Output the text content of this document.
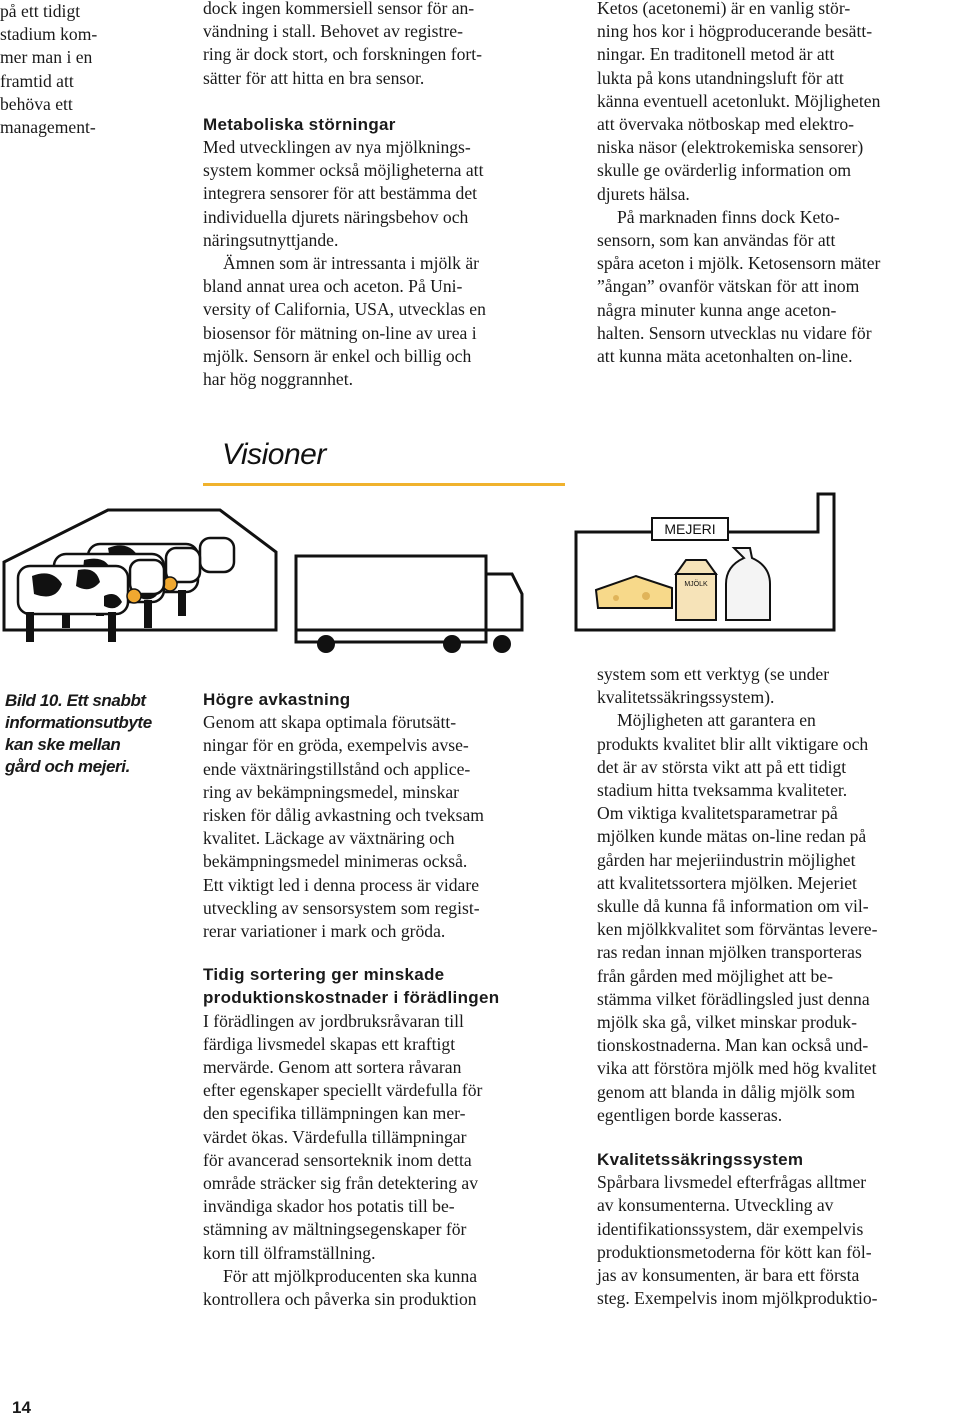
dock ingen kommersiell sensor för an-
vändning i stall. Behovet av registre-
ring är dock stort, och forskningen fort-
sätter för att hitta en bra sensor.

Metaboliska störningar

Med utvecklingen av nya mjölknings-
system kommer också möjligheterna att
integrera sensorer för att bestämma det
individuella djurets näringsbehov och
näringsutnyttjande.

Ämnen som är intressanta i mjölk är
bland annat urea och aceton. På Uni-
versity of California, USA, utvecklas en
biosensor för mätning on-line av urea i
mjölk. Sensorn är enkel och billig och
har hög noggrannhet.

Ketos (acetonemi) är en vanlig stör-
ning hos kor i högproducerande besätt-
ningar. En traditonell metod är att
lukta på kons utandningsluft för att
känna eventuell acetonlukt. Möjligheten
att övervaka nötboskap med elektro-
niska näsor (elektrokemiska sensorer)
skulle ge ovärderlig information om
djurets hälsa.

På marknaden finns dock Keto-
sensorn, som kan användas för att
spåra aceton i mjölk. Ketosensorn mäter
”ångan” ovanför vätskan för att inom
några minuter kunna ange aceton-
halten. Sensorn utvecklas nu vidare för
att kunna mäta acetonhalten on-line.

Visioner
MEJERI
MJÖLK
Bild 10. Ett snabbt
informationsutbyte
kan ske mellan
gård och mejeri.

Högre avkastning

Genom att skapa optimala förutsätt-
ningar för en gröda, exempelvis avse-
ende växtnäringstillstånd och applice-
ring av bekämpningsmedel, minskar
risken för dålig avkastning och tveksam
kvalitet. Läckage av växtnäring och
bekämpningsmedel minimeras också.
Ett viktigt led i denna process är vidare
utveckling av sensorsystem som regist-
rerar variationer i mark och gröda.

Tidig sortering ger minskade
produktionskostnader i förädlingen

I förädlingen av jordbruksråvaran till
färdiga livsmedel skapas ett kraftigt
mervärde. Genom att sortera råvaran
efter egenskaper speciellt värdefulla för
den specifika tillämpningen kan mer-
värdet ökas. Värdefulla tillämpningar
för avancerad sensorteknik inom detta
område sträcker sig från detektering av
invändiga skador hos potatis till be-
stämning av mältningsegenskaper för
korn till ölframställning.

För att mjölkproducenten ska kunna
kontrollera och påverka sin produktion

på ett tidigt
stadium kom-
mer man i en
framtid att
behöva ett
management-

system som ett verktyg (se under
kvalitetssäkringssystem).

Möjligheten att garantera en
produkts kvalitet blir allt viktigare och
det är av största vikt att på ett tidigt
stadium hitta tveksamma kvaliteter.
Om viktiga kvalitetsparametrar på
mjölken kunde mätas on-line redan på
gården har mejeriindustrin möjlighet
att kvalitetssortera mjölken. Mejeriet
skulle då kunna få information om vil-
ken mjölkkvalitet som förväntas levere-
ras redan innan mjölken transporteras
från gården med möjlighet att be-
stämma vilket förädlingsled just denna
mjölk ska gå, vilket minskar produk-
tionskostnaderna. Man kan också und-
vika att förstöra mjölk med hög kvalitet
genom att blanda in dålig mjölk som
egentligen borde kasseras.

Kvalitetssäkringssystem

Spårbara livsmedel efterfrågas alltmer
av konsumenterna. Utveckling av
identifikationssystem, där exempelvis
produktionsmetoderna för kött kan föl-
jas av konsumenten, är bara ett första
steg. Exempelvis inom mjölkproduktio-

14
